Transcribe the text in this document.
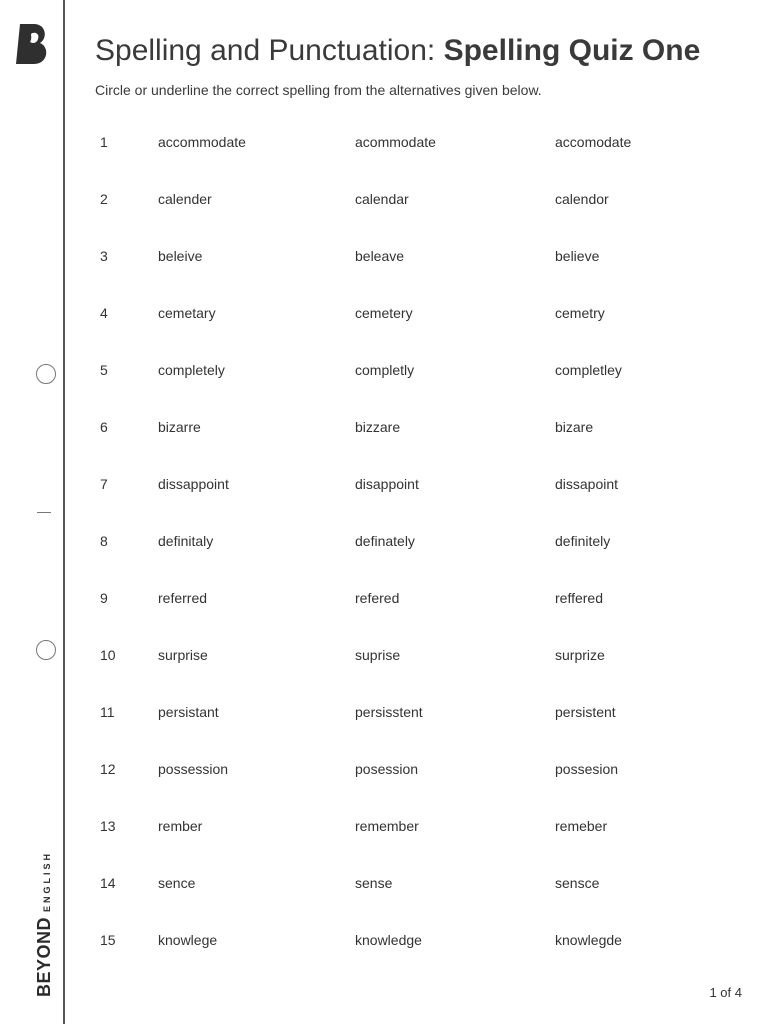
BEYONDENGLISH
Spelling and Punctuation: Spelling Quiz One

Circle or underline the correct spelling from the alternatives given below.

1	accommodate	acommodate	accomodate
2	calender	calendar	calendor
3	beleive	beleave	believe
4	cemetary	cemetery	cemetry
5	completely	completly	completley
6	bizarre	bizzare	bizare
7	dissappoint	disappoint	dissapoint
8	definitaly	definately	definitely
9	referred	refered	reffered
10	surprise	suprise	surprize
11	persistant	persisstent	persistent
12	possession	posession	possesion
13	rember	remember	remeber
14	sence	sense	sensce
15	knowlege	knowledge	knowlegde
1 of 4
